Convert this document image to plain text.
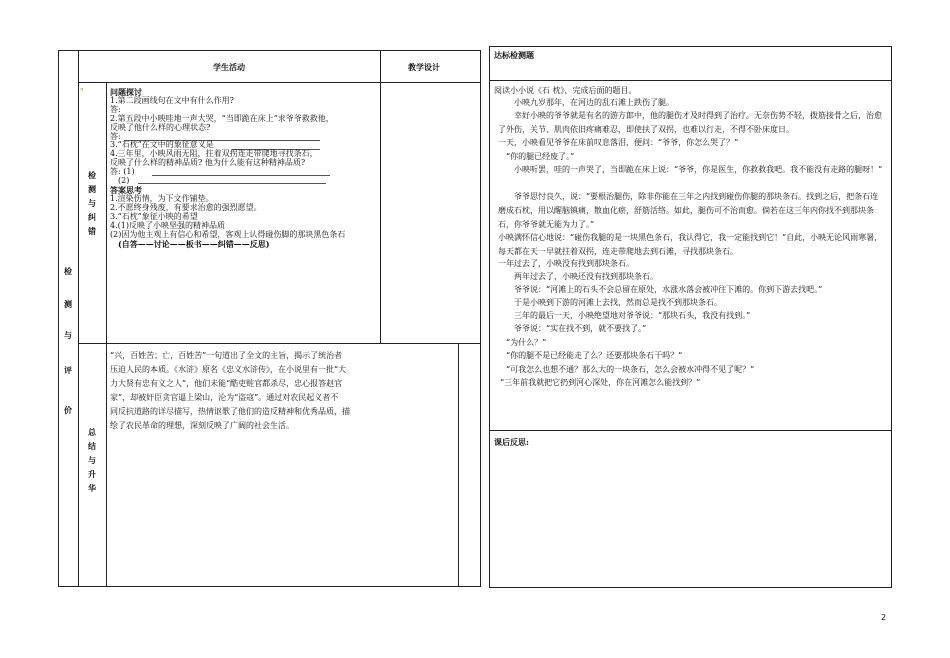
学生活动	教学设计
检
测
与
评
价
"
检
测
与
纠
错
总
结
与
升
华
问题探讨
1.第二段画线句在文中有什么作用?
答:
2.第五段中小映哇地一声大哭，“当即跪在床上”求爷爷救救他，
反映了他什么样的心理状态?
答:
3.“石枕”在文中的象征意义是
4.三年里，小映风雨无阻，拄着双拐连走带爬地寻找条石，
反映了什么样的精神品质? 他为什么能有这种精神品质?
答: (1)
(2)
答案思考
1.渲染伤情，为下文作铺垫。
2.不愿终身残废，有要求治愈的强烈愿望。
3.“石枕”象征小映的希望
4.(1)反映了小映坚强的精神品质
(2)因为他主观上有信心和希望，客观上认得碰伤脚的那块黑色条石
(自答——讨论——板书——纠错——反思)
“兴，百姓苦；亡，百姓苦”一句道出了全文的主旨，揭示了统治者
压迫人民的本质。《水浒》原名《忠义水浒传》，在小说里有一批“大
力大贤有忠有义之人”，他们未能“酷吏赃官都杀尽，忠心报答赵官
家”，却被奸臣贪官逼上梁山，沦为“盗寇”。通过对农民起义者不
同反抗道路的详尽描写，热情讴歌了他们的造反精神和优秀品质，描
绘了农民革命的理想，深刻反映了广阔的社会生活。
达标检测题
阅读小小说《石 枕》，完成后面的题目。
小映九岁那年，在河边的乱石滩上跌伤了腿。
幸好小映的爷爷就是有名的游方郎中，他的腿伤才及时得到了治疗。无奈伤势不轻，拨筋接骨之后，治愈了外伤，关节、肌肉依旧疼痛难忍，即使扶了双拐，也难以行走，不得不卧床度日。
一天，小映看见爷爷在床前叹息落泪，便问：“爷爷，你怎么哭了？”
“你的腿已经废了。”
小映听罢，哇的一声哭了，当即跪在床上说：“爷爷，你是医生，你救救我吧。我不能没有走路的腿呀！”
爷爷思忖良久，说：“要根治腿伤，除非你能在三年之内找到碰伤你腿的那块条石。找到之后，把条石连磨成石枕，用以醒脑镇痛，散血化瘀，舒筋活络。如此，腿伤可不治而愈。倘若在这三年内你找不到那块条石，你爷爷就无能为力了。”
小映满怀信心地说：“碰伤我腿的是一块黑色条石，我认得它，我一定能找到它！”自此，小映无论风雨寒暑，每天都在天一早就拄着双拐，连走带爬地去到石滩，寻找那块条石。
一年过去了，小映没有找到那块条石。
两年过去了，小映还没有找到那块条石。
爷爷说：“河滩上的石头不会总留在原处，水涨水落会被冲往下滩的。你到下游去找吧。”
于是小映到下游的河滩上去找，然而总是找不到那块条石。
三年的最后一天，小映绝望地对爷爷说：“那块石头，我没有找到。”
爷爷说：“实在找不到，就不要找了。”
“为什么？”
“你的腿不是已经能走了么？还要那块条石干吗？”
“可我怎么也想不通？那么大的一块条石，怎么会被水冲得不见了呢？”
“三年前我就把它扔到河心深处，你在河滩怎么能找到？”
课后反思:
2
